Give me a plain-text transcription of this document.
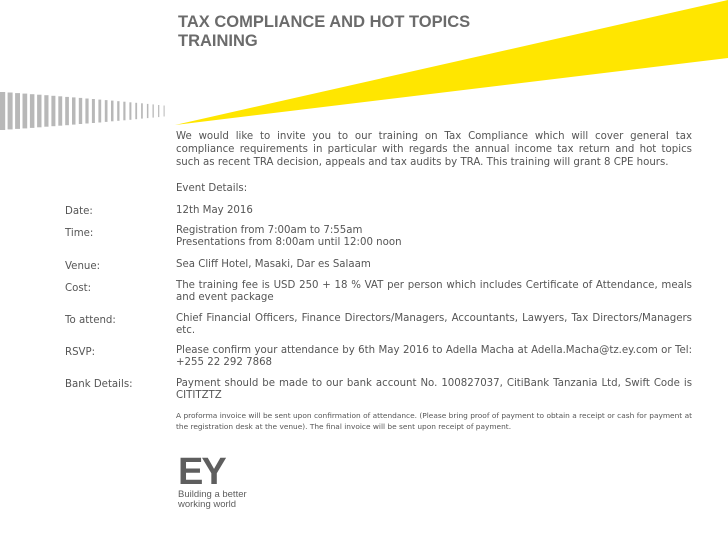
TAX COMPLIANCE AND HOT TOPICS
TRAINING
We would like to invite you to our training on Tax Compliance which will cover general tax compliance requirements in particular with regards the annual income tax return and hot topics such as recent TRA decision, appeals and tax audits by TRA. This training will grant 8 CPE hours.
Event Details:
Date:	12th May 2016
Time:	Registration from 7:00am to 7:55am
Presentations from 8:00am until 12:00 noon
Venue:	Sea Cliff Hotel, Masaki, Dar es Salaam
Cost:	The training fee is USD 250 + 18 % VAT per person which includes Certificate of Attendance, meals and event package
To attend:	Chief Financial Officers, Finance Directors/Managers, Accountants, Lawyers, Tax Directors/Managers etc.
RSVP:	Please confirm your attendance by 6th May 2016 to Adella Macha at Adella.Macha@tz.ey.com or Tel: +255 22 292 7868
Bank Details:	Payment should be made to our bank account No. 100827037, CitiBank Tanzania Ltd, Swift Code is CITITZTZ
A proforma invoice will be sent upon confirmation of attendance. (Please bring proof of payment to obtain a receipt or cash for payment at the registration desk at the venue). The final invoice will be sent upon receipt of payment.
EY
Building a better
working world
